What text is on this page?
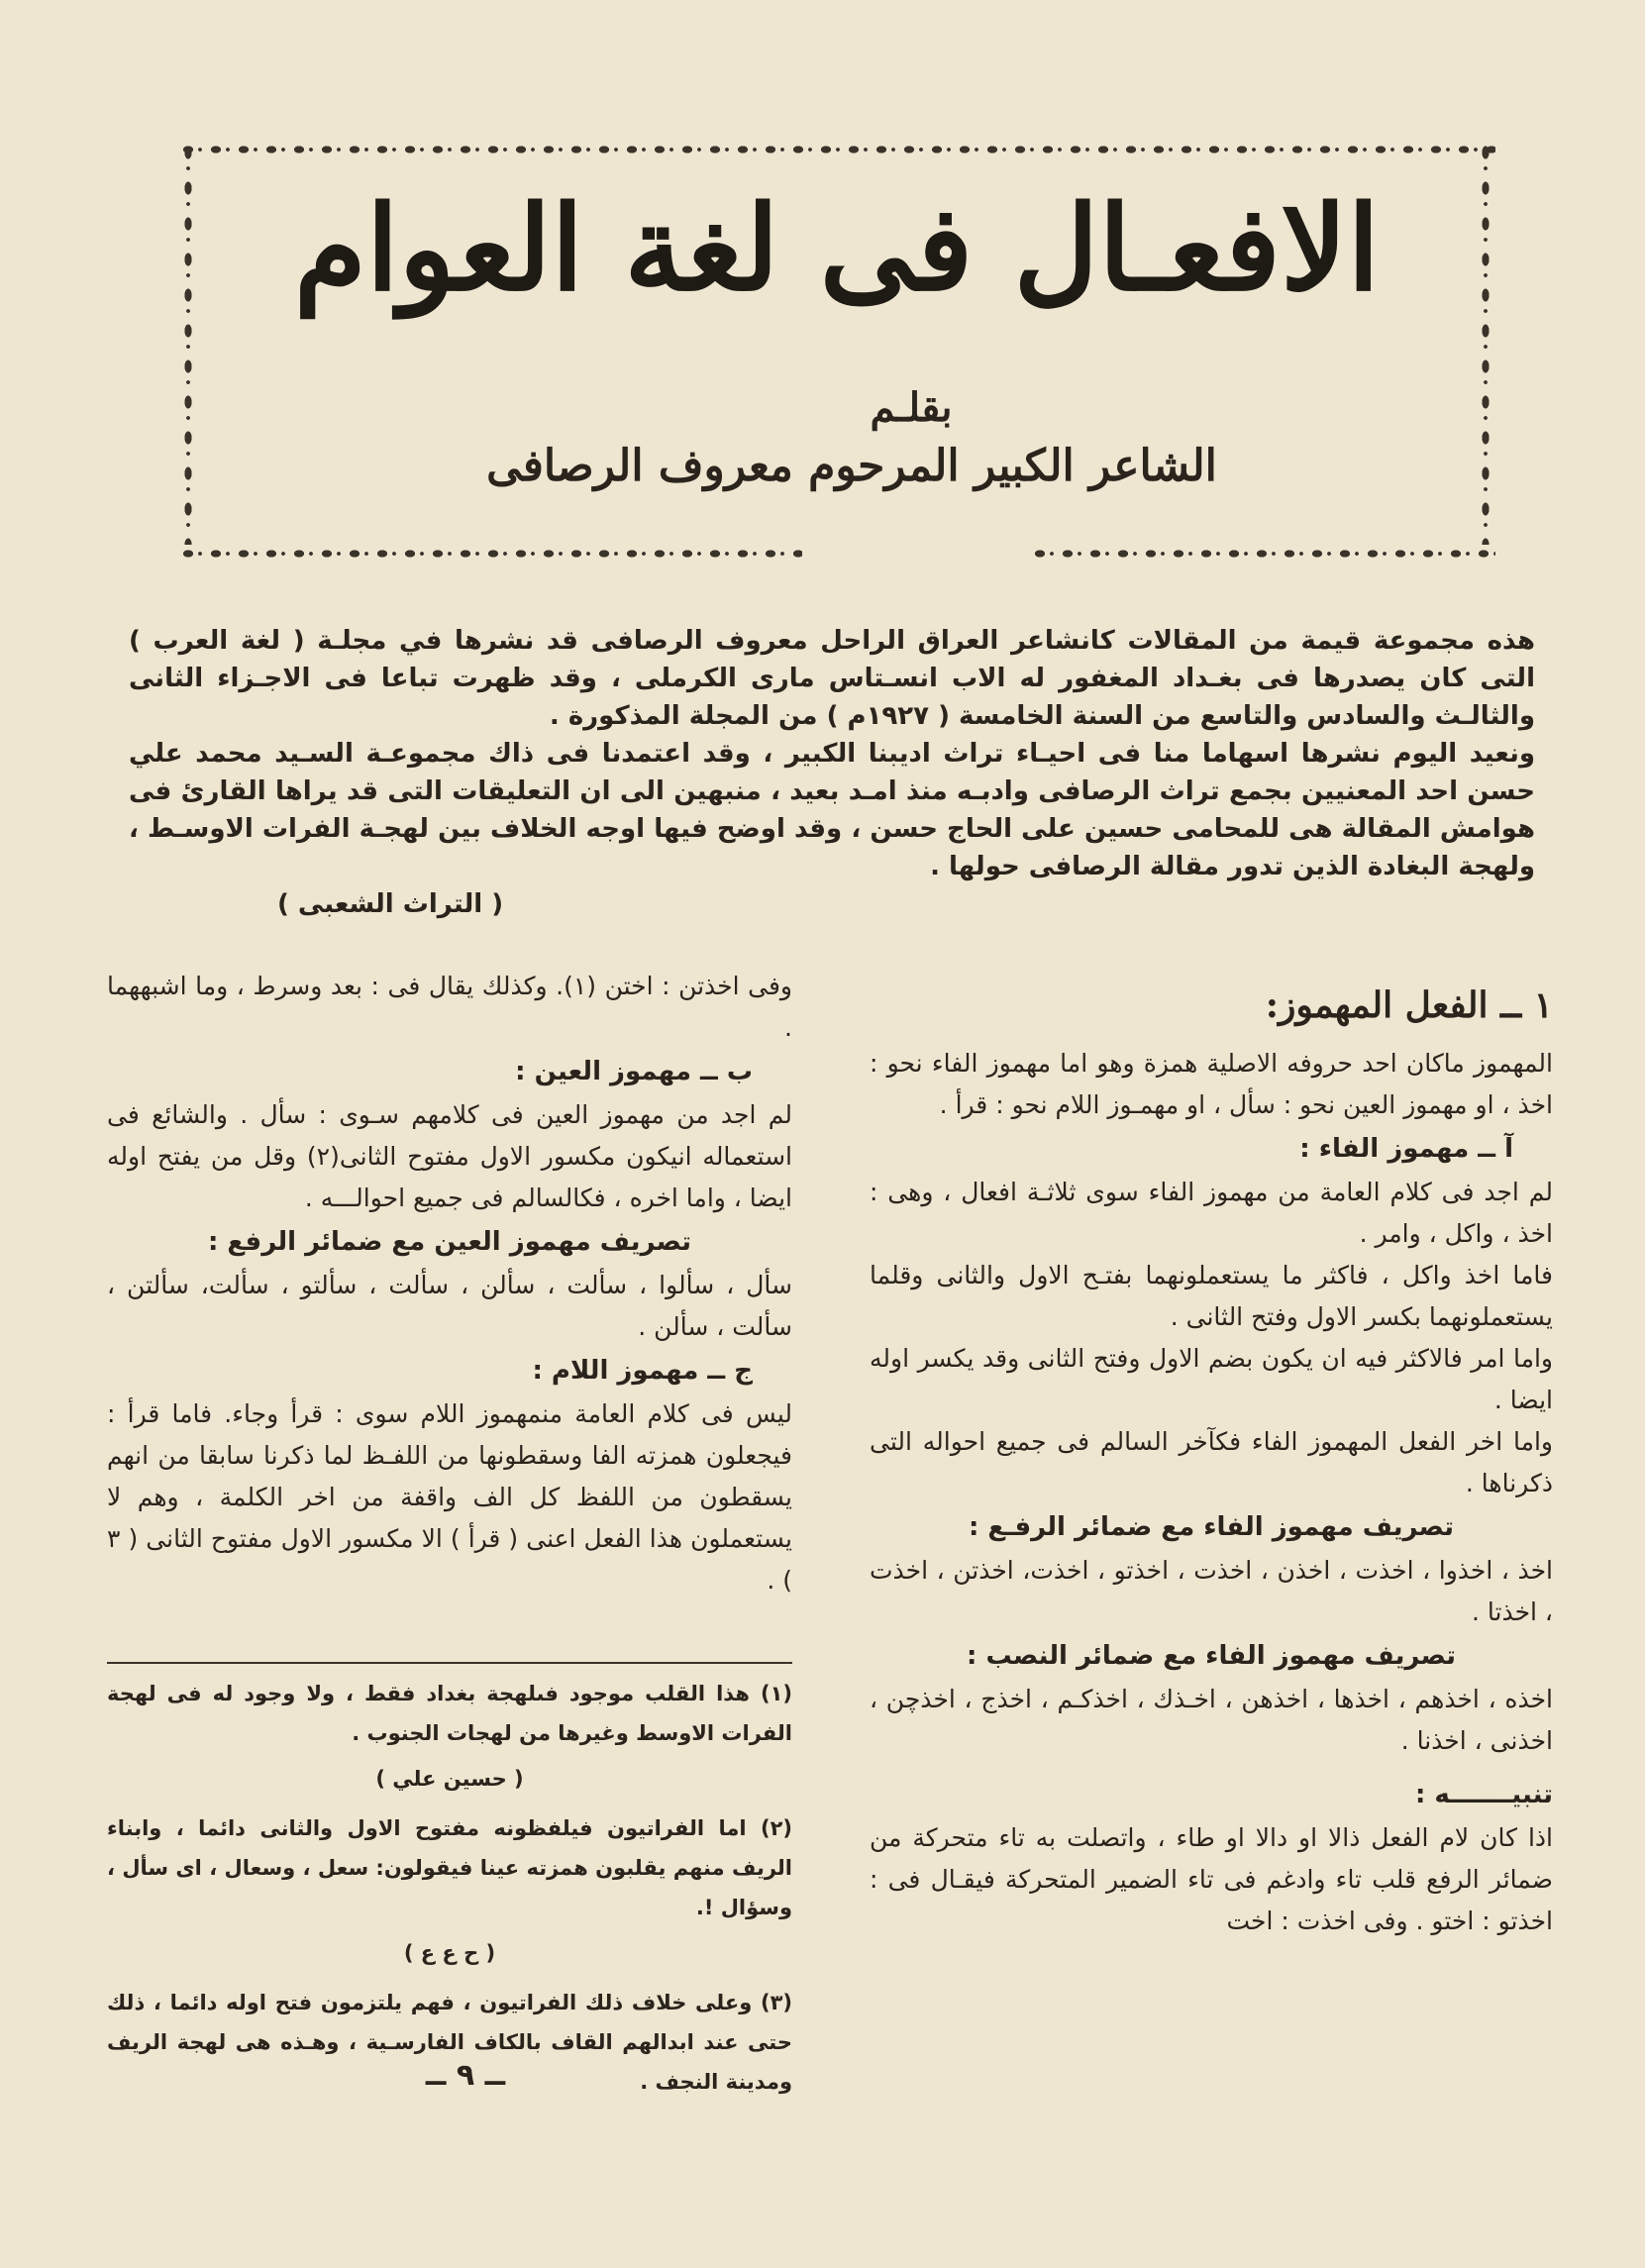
الافعـال فى لغة العوام
بقلـم
الشاعر الكبير المرحوم معروف الرصافى

هذه مجموعة قيمة من المقالات كانشاعر العراق الراحل معروف الرصافى قد نشرها في مجلـة ( لغة العرب ) التى كان يصدرها فى بغـداد المغفور له الاب انسـتاس مارى الكرملى ، وقد ظهرت تباعا فى الاجـزاء الثانى والثالـث والسادس والتاسع من السنة الخامسة ( ١٩٢٧م ) من المجلة المذكورة .

ونعيد اليوم نشرها اسهاما منا فى احيـاء تراث اديبنا الكبير ، وقد اعتمدنا فى ذاك مجموعـة السـيد محمد علي حسن احد المعنيين بجمع تراث الرصافى وادبـه منذ امـد بعيد ، منبهين الى ان التعليقات التى قد يراها القارئ فى هوامش المقالة هى للمحامى حسين على الحاج حسن ، وقد اوضح فيها اوجه الخلاف بين لهجـة الفرات الاوسـط ، ولهجة البغادة الذين تدور مقالة الرصافى حولها .

( التراث الشعبى )

١ ــ الفعل المهموز:

المهموز ماكان احد حروفه الاصلية همزة وهو اما مهموز الفاء نحو : اخذ ، او مهموز العين نحو : سأل ، او مهمـوز اللام نحو : قرأ .

آ ــ مهموز الفاء :

لم اجد فى كلام العامة من مهموز الفاء سوى ثلاثـة افعال ، وهى : اخذ ، واكل ، وامر .

فاما اخذ واكل ، فاكثر ما يستعملونهما بفتـح الاول والثانى وقلما يستعملونهما بكسر الاول وفتح الثانى .

واما امر فالاكثر فيه ان يكون بضم الاول وفتح الثانى وقد يكسر اوله ايضا .

واما اخر الفعل المهموز الفاء فكآخر السالم فى جميع احواله التى ذكرناها .

تصريف مهموز الفاء مع ضمائر الرفـع :

اخذ ، اخذوا ، اخذت ، اخذن ، اخذت ، اخذتو ، اخذت، اخذتن ، اخذت ، اخذتا .

تصريف مهموز الفاء مع ضمائر النصب :

اخذه ، اخذهم ، اخذها ، اخذهن ، اخـذك ، اخذكـم ، اخذج ، اخذچن ، اخذنى ، اخذنا .

تنبيـــــــه :

اذا كان لام الفعل ذالا او دالا او طاء ، واتصلت به تاء متحركة من ضمائر الرفع قلب تاء وادغم فى تاء الضمير المتحركة فيقـال فى : اخذتو : اختو . وفى اخذت : اخت

وفى اخذتن : اختن (١). وكذلك يقال فى : بعد وسرط ، وما اشبههما .

ب ــ مهموز العين :

لم اجد من مهموز العين فى كلامهم سـوى : سأل . والشائع فى استعماله انيكون مكسور الاول مفتوح الثانى(٢) وقل من يفتح اوله ايضا ، واما اخره ، فكالسالم فى جميع احوالـــه .

تصريف مهموز العين مع ضمائر الرفع :

سأل ، سألوا ، سألت ، سألن ، سألت ، سألتو ، سألت، سألتن ، سألت ، سألن .

ج ــ مهموز اللام :

ليس فى كلام العامة منمهموز اللام سوى : قرأ وجاء. فاما قرأ : فيجعلون همزته الفا وسقطونها من اللفـظ لما ذكرنا سابقا من انهم يسقطون من اللفظ كل الف واقفة من اخر الكلمة ، وهم لا يستعملون هذا الفعل اعنى ( قرأ ) الا مكسور الاول مفتوح الثانى ( ٣ ) .

(١) هذا القلب موجود فىلهجة بغداد فقط ، ولا وجود له فى لهجة الفرات الاوسط وغيرها من لهجات الجنوب .

( حسين علي )

(٢) اما الفراتيون فيلفظونه مفتوح الاول والثانى دائما ، وابناء الريف منهم يقلبون همزته عينا فيقولون: سعل ، وسعال ، اى سأل ، وسؤال !.

( ح ع ع )

(٣) وعلى خلاف ذلك الفراتيون ، فهم يلتزمون فتح اوله دائما ، ذلك حتى عند ابدالهم القاف بالكاف الفارسـية ، وهـذه هى لهجة الريف ومدينة النجف .

ــ ٩ ــ
